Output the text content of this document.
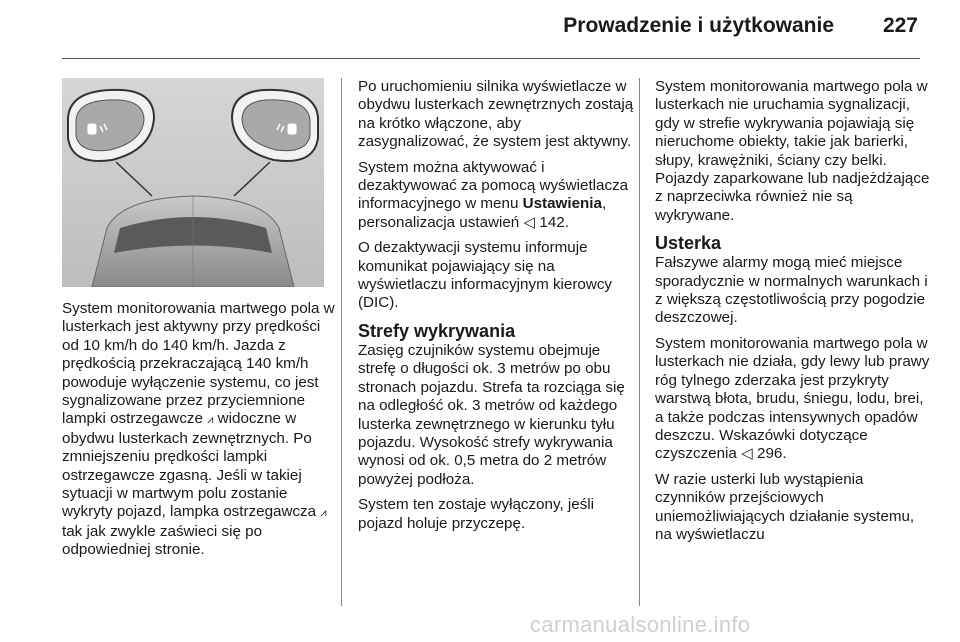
Prowadzenie i użytkowanie 227

System monitorowania martwego pola w lusterkach jest aktywny przy prędkości od 10 km/h do 140 km/h. Jazda z prędkością przekraczającą 140 km/h powoduje wyłączenie systemu, co jest sygnalizowane przez przyciemnione lampki ostrzegawcze ⩘ widoczne w obydwu lusterkach zewnętrznych. Po zmniejszeniu prędkości lampki ostrzegawcze zgasną. Jeśli w takiej sytuacji w martwym polu zostanie wykryty pojazd, lampka ostrzegawcza ⩘ tak jak zwykle zaświeci się po odpowiedniej stronie.

Po uruchomieniu silnika wyświetlacze w obydwu lusterkach zewnętrznych zostają na krótko włączone, aby zasygnalizować, że system jest aktywny.

System można aktywować i dezaktywować za pomocą wyświetlacza informacyjnego w menu Ustawienia, personalizacja ustawień ◁ 142.

O dezaktywacji systemu informuje komunikat pojawiający się na wyświetlaczu informacyjnym kierowcy (DIC).

Strefy wykrywania

Zasięg czujników systemu obejmuje strefę o długości ok. 3 metrów po obu stronach pojazdu. Strefa ta rozciąga się na odległość ok. 3 metrów od każdego lusterka zewnętrznego w kierunku tyłu pojazdu. Wysokość strefy wykrywania wynosi od ok. 0,5 metra do 2 metrów powyżej podłoża.

System ten zostaje wyłączony, jeśli pojazd holuje przyczepę.

System monitorowania martwego pola w lusterkach nie uruchamia sygnalizacji, gdy w strefie wykrywania pojawiają się nieruchome obiekty, takie jak barierki, słupy, krawężniki, ściany czy belki. Pojazdy zaparkowane lub nadjeżdżające z naprzeciwka również nie są wykrywane.

Usterka

Fałszywe alarmy mogą mieć miejsce sporadycznie w normalnych warunkach i z większą częstotliwością przy pogodzie deszczowej.

System monitorowania martwego pola w lusterkach nie działa, gdy lewy lub prawy róg tylnego zderzaka jest przykryty warstwą błota, brudu, śniegu, lodu, brei, a także podczas intensywnych opadów deszczu. Wskazówki dotyczące czyszczenia ◁ 296.

W razie usterki lub wystąpienia czynników przejściowych uniemożliwiających działanie systemu, na wyświetlaczu

carmanualsonline.info
